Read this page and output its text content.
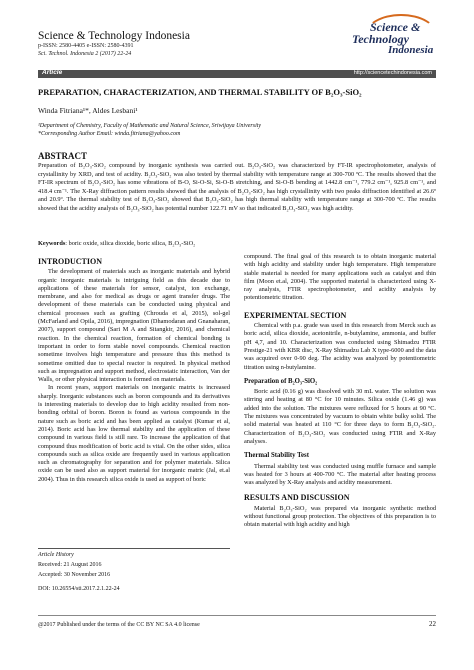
Science & Technology Indonesia
p-ISSN: 2580-4405 e-ISSN: 2580-4391
Sci. Technol. Indonesia 2 (2017) 22-24
Science &
Technology
Indonesia
Article	http://sciencetechindonesia.com
PREPARATION, CHARACTERIZATION, AND THERMAL STABILITY OF B₂O₃-SiO₂
Winda Fitriana¹*, Aldes Lesbani¹
¹Department of Chemistry, Faculty of Mathematic and Natural Science, Sriwijaya University
*Corresponding Author Email: winda.fitriana@yahoo.com
ABSTRACT
Preparation of B₂O₃-SiO₂ compound by inorganic synthesis was carried out. B₂O₃-SiO₂ was characterized by FT-IR spectrophotometer, analysis of crystallinity by XRD, and test of acidity. B₂O₃-SiO₂ was also tested by thermal stability with temperature range at 300-700 ºC. The results showed that the FT-IR spectrum of B₂O₃-SiO₂ has some vibrations of B-O, Si-O-Si, Si-O-B stretching, and Si-O-B bending at 1442.8 cm⁻¹, 779.2 cm⁻¹, 925.8 cm⁻¹, and 418.4 cm⁻¹. The X-Ray diffraction pattern results showed that the analysis of B₂O₃-SiO₂ has high crystallinity with two peaks diffraction identified at 26.6º and 20.9º. The thermal stability test of B₂O₃-SiO₂ showed that B₂O₃-SiO₂ has high thermal stability with temperature range at 300-700 ºC. The results showed that the acidity analysis of B₂O₃-SiO₂ has potential number 122.71 mV so that indicated B₂O₃-SiO₂ was high acidity.
Keywords: boric oxide, silica dioxide, boric silica, B₂O₃-SiO₂
INTRODUCTION

The development of materials such as inorganic materials and hybrid organic inorganic materials is intriguing field as this decade due to applications of these materials for sensor, catalyst, ion exchange, membrane, and also for medical as drugs or agent transfer drugs. The development of these materials can be conducted using physical and chemical processes such as grafting (Chrouda et al, 2015), sol-gel (McFarland and Opila, 2016), impregnation (Dhamodaran and Gnanaharan, 2007), support compound (Sari M A and Sitangkir, 2016), and chemical reaction. In the chemical reaction, formation of chemical bonding is important in order to form stable novel compounds. Chemical reaction sometime involves high temperature and pressure thus this method is sometime omitted due to special reactor is required. In physical method such as impregnation and support method, electrostatic interaction, Van der Walls, or other physical interaction is formed on materials.

In recent years, support materials on inorganic matrix is increased sharply. Inorganic substances such as boron compounds and its derivatives is interesting materials to develop due to high acidity resulted from non-bonding orbital of boron. Boron is found as various compounds in the nature such as boric acid and has been applied as catalyst (Kumar et al, 2014). Boric acid has low thermal stability and the application of these compound in various field is still rare. To increase the application of that compound thus modification of boric acid is vital. On the other sides, silica compounds such as silica oxide are frequently used in various application such as chromatography for separation and for polymer materials. Silica oxide can be used also as support material for inorganic matric (Jal, et.al 2004). Thus in this research silica oxide is used as support of boric

Article History
Received: 21 August 2016
Accepted: 30 November 2016
DOI: 10.26554/sti.2017.2.1.22-24

compound. The final goal of this research is to obtain inorganic material with high acidity and stability under high temperature. High temperature stable material is needed for many applications such as catalyst and thin film (Moon et.al, 2004). The supported material is characterized using X-ray analysis, FTIR spectrophotometer, and acidity analysis by potentiometric titration.

EXPERIMENTAL SECTION

Chemical with p.a. grade was used in this research from Merck such as boric acid, silica dioxide, acetonitrile, n-butylamine, ammonia, and buffer pH 4,7, and 10. Characterization was conducted using Shimadzu FTIR Prestige-21 with KBR disc, X-Ray Shimadzu Lab X type-6000 and the data was acquired over 0-90 deg. The acidity was analyzed by potentiometric titration using n-butylamine.

Preparation of B₂O₃-SiO₂

Boric acid (0.16 g) was dissolved with 30 mL water. The solution was stirring and heating at 80 °C for 10 minutes. Silica oxide (1.46 g) was added into the solution. The mixtures were refluxed for 5 hours at 90 ºC. The mixtures was concentrated by vacuum to obtain white bulky solid. The solid material was heated at 110 °C for three days to form B₂O₃-SiO₂. Characterization of B₂O₃-SiO₂ was conducted using FTIR and X-Ray analyses.

Thermal Stability Test

Thermal stability test was conducted using muffle furnace and sample was heated for 3 hours at 400-700 °C. The material after heating process was analyzed by X-Ray analysis and acidity measurement.

RESULTS AND DISCUSSION

Material B₂O₃-SiO₂ was prepared via inorganic synthetic method without functional group protection. The objectives of this preparation is to obtain material with high acidity and high

@2017 Published under the terms of the CC BY NC SA 4.0 license	22
